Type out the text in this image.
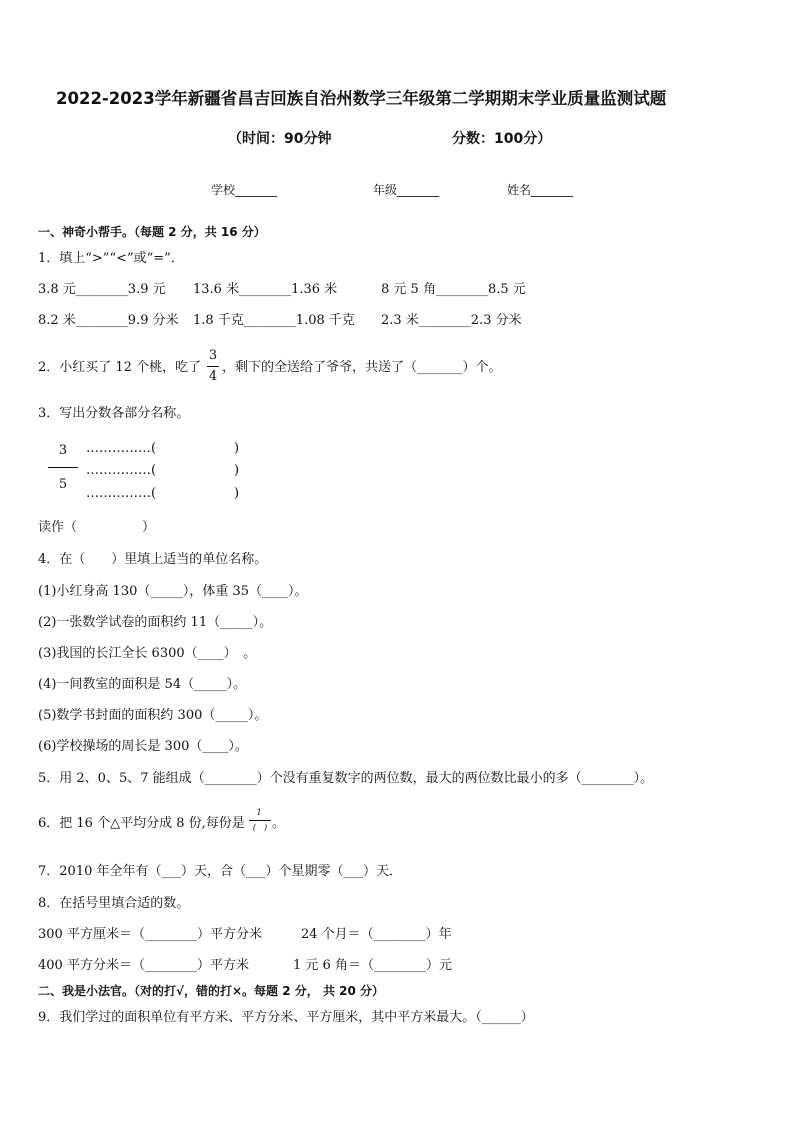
2022-2023学年新疆省昌吉回族自治州数学三年级第二学期期末学业质量监测试题
（时间：90分钟	分数：100分）
学校_______	年级_______	姓名_______
一、神奇小帮手。（每题 2 分，共 16 分）
1．填上“>”“<”或“=”．
3.8 元________3.9 元 13.6 米________1.36 米	8 元 5 角________8.5 元
8.2 米________9.9 分米 1.8 千克________1.08 千克 2.3 米________2.3 分米
2．小红买了 12 个桃，吃了
3
4
，剩下的全送给了爷爷，共送了（_______）个。
3．写出分数各部分名称。
3
5
……………(
……………(
……………(
)
)
)
读作（　　　　　）
4．在（　　）里填上适当的单位名称。
(1)小红身高 130（_____），体重 35（____）。
(2)一张数学试卷的面积约 11（_____）。
(3)我国的长江全长 6300（____）　。
(4)一间教室的面积是 54（_____）。
(5)数学书封面的面积约 300（_____）。
(6)学校操场的周长是 300（____）。
5．用 2、0、5、7 能组成（________）个没有重复数字的两位数，最大的两位数比最小的多（________）。
6．把 16 个△平均分成 8 份,每份是
1
(　) 。
7．2010 年全年有（___）天，合（___）个星期零（___）天．
8．在括号里填合适的数。
300 平方厘米＝（________）平方分米	24 个月＝（________）年
400 平方分米＝（________）平方米	1 元 6 角＝（________）元
二、我是小法官。（对的打√，错的打×。每题 2 分， 共 20 分）
9．我们学过的面积单位有平方米、平方分米、平方厘米，其中平方米最大。（______）
